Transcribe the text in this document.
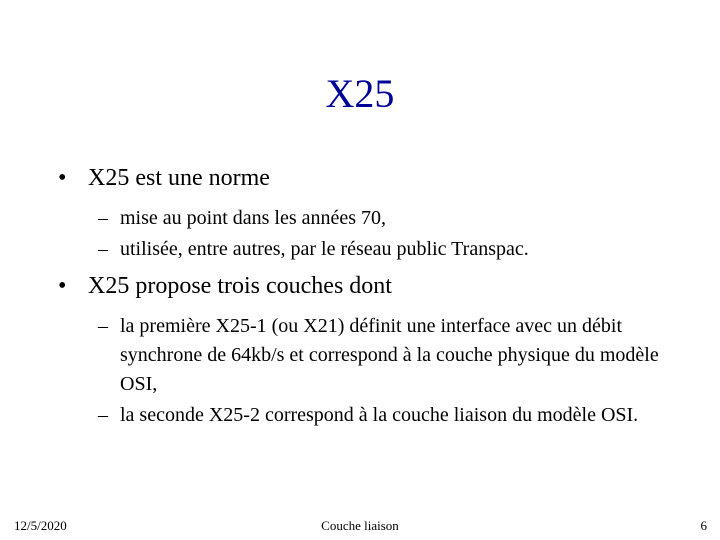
X25
• X25 est une norme
– mise au point dans les années 70,
– utilisée, entre autres, par le réseau public Transpac.
• X25 propose trois couches dont
– la première X25-1 (ou X21) définit une interface avec un débit synchrone de 64kb/s et correspond à la couche physique du modèle OSI,
– la seconde X25-2 correspond à la couche liaison du modèle OSI.
12/5/2020	Couche liaison	6
